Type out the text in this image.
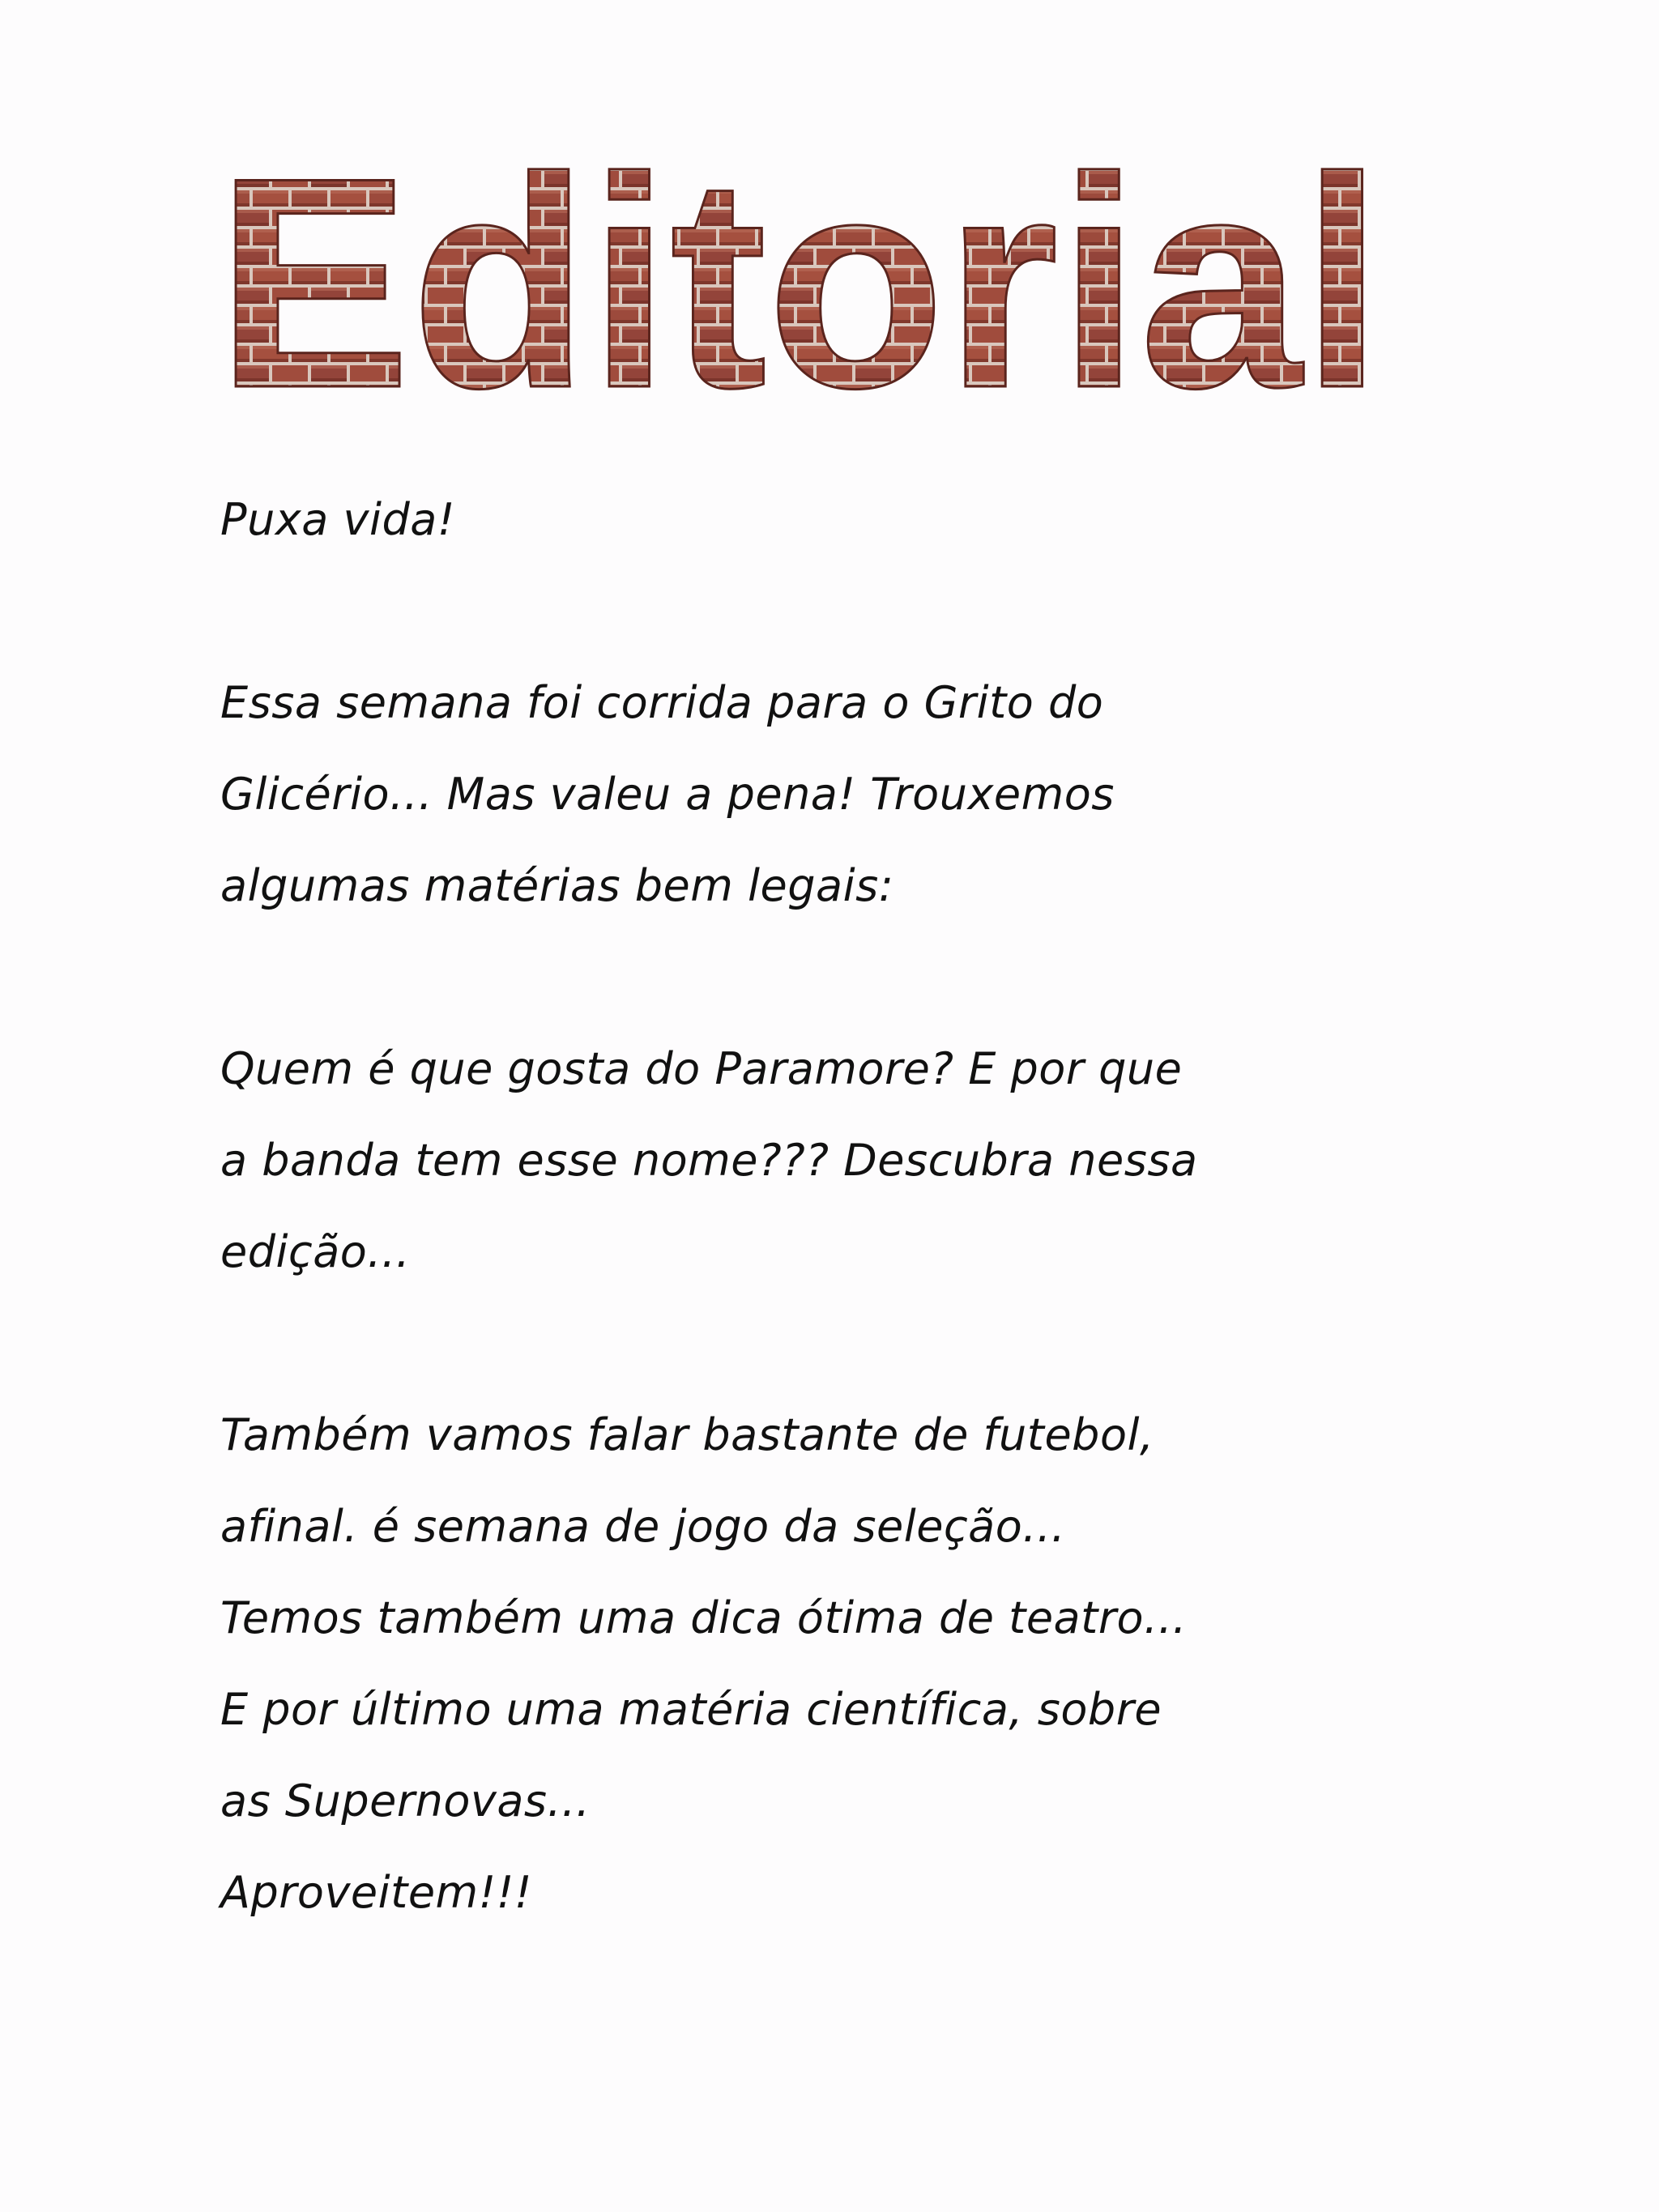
Editorial

Puxa vida!

Essa semana foi corrida para o Grito do
Glicério... Mas valeu a pena! Trouxemos
algumas matérias bem legais:

Quem é que gosta do Paramore? E por que
a banda tem esse nome??? Descubra nessa
edição...

Também vamos falar bastante de futebol,
afinal. é semana de jogo da seleção...
Temos também uma dica ótima de teatro...
E por último uma matéria científica, sobre
as Supernovas...
Aproveitem!!!
